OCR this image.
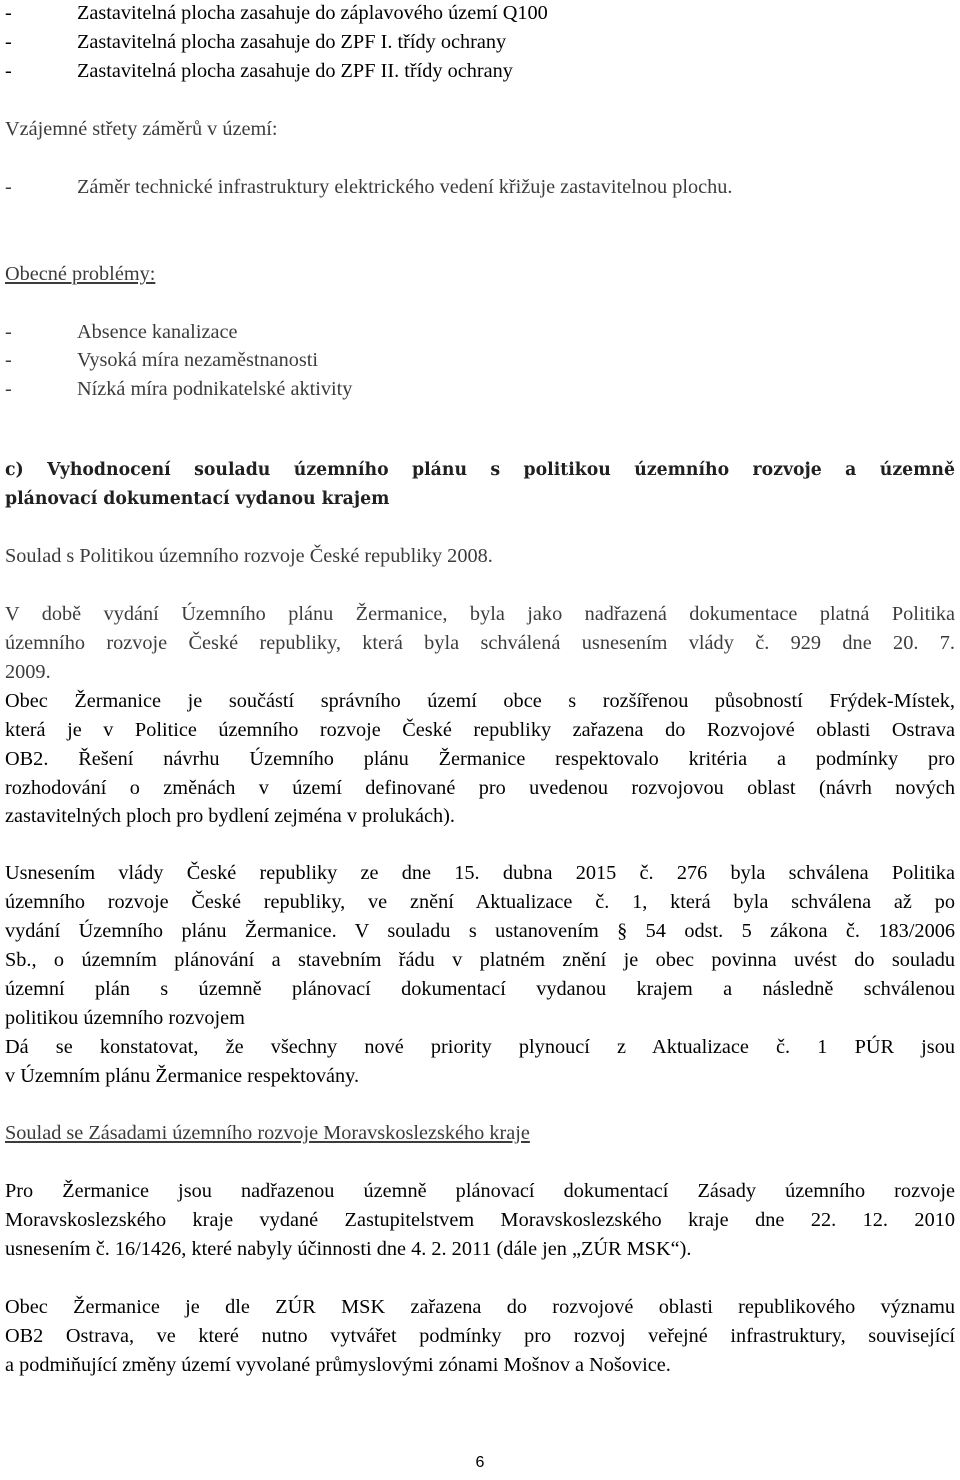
-	Zastavitelná plocha zasahuje do záplavového území Q100
-	Zastavitelná plocha zasahuje do ZPF I. třídy ochrany
-	Zastavitelná plocha zasahuje do ZPF II. třídy ochrany
Vzájemné střety záměrů v území:
-	Záměr technické infrastruktury elektrického vedení křižuje zastavitelnou plochu.
Obecné problémy:
-	Absence kanalizace
-	Vysoká míra nezaměstnanosti
-	Nízká míra podnikatelské aktivity
c) Vyhodnocení souladu územního plánu s politikou územního rozvoje a územně
plánovací dokumentací vydanou krajem
Soulad s Politikou územního rozvoje České republiky 2008.
V době vydání Územního plánu Žermanice, byla jako nadřazená dokumentace platná Politika
územního rozvoje České republiky, která byla schválená usnesením vlády č. 929 dne 20. 7.
2009.
Obec Žermanice je součástí správního území obce s rozšířenou působností Frýdek-Místek,
která je v Politice územního rozvoje České republiky zařazena do Rozvojové oblasti Ostrava
OB2. Řešení návrhu Územního plánu Žermanice respektovalo kritéria a podmínky pro
rozhodování o změnách v území definované pro uvedenou rozvojovou oblast (návrh nových
zastavitelných ploch pro bydlení zejména v prolukách).
Usnesením vlády České republiky ze dne 15. dubna 2015 č. 276 byla schválena Politika
územního rozvoje České republiky, ve znění Aktualizace č. 1, která byla schválena až po
vydání Územního plánu Žermanice. V souladu s ustanovením § 54 odst. 5 zákona č. 183/2006
Sb., o územním plánování a stavebním řádu v platném znění je obec povinna uvést do souladu
územní plán s územně plánovací dokumentací vydanou krajem a následně schválenou
politikou územního rozvojem
Dá se konstatovat, že všechny nové priority plynoucí z Aktualizace č. 1 PÚR jsou
v Územním plánu Žermanice respektovány.
Soulad se Zásadami územního rozvoje Moravskoslezského kraje
Pro Žermanice jsou nadřazenou územně plánovací dokumentací Zásady územního rozvoje
Moravskoslezského kraje vydané Zastupitelstvem Moravskoslezského kraje dne 22. 12. 2010
usnesením č. 16/1426, které nabyly účinnosti dne 4. 2. 2011 (dále jen „ZÚR MSK“).
Obec Žermanice je dle ZÚR MSK zařazena do rozvojové oblasti republikového významu
OB2 Ostrava, ve které nutno vytvářet podmínky pro rozvoj veřejné infrastruktury, související
a podmiňující změny území vyvolané průmyslovými zónami Mošnov a Nošovice.
6
